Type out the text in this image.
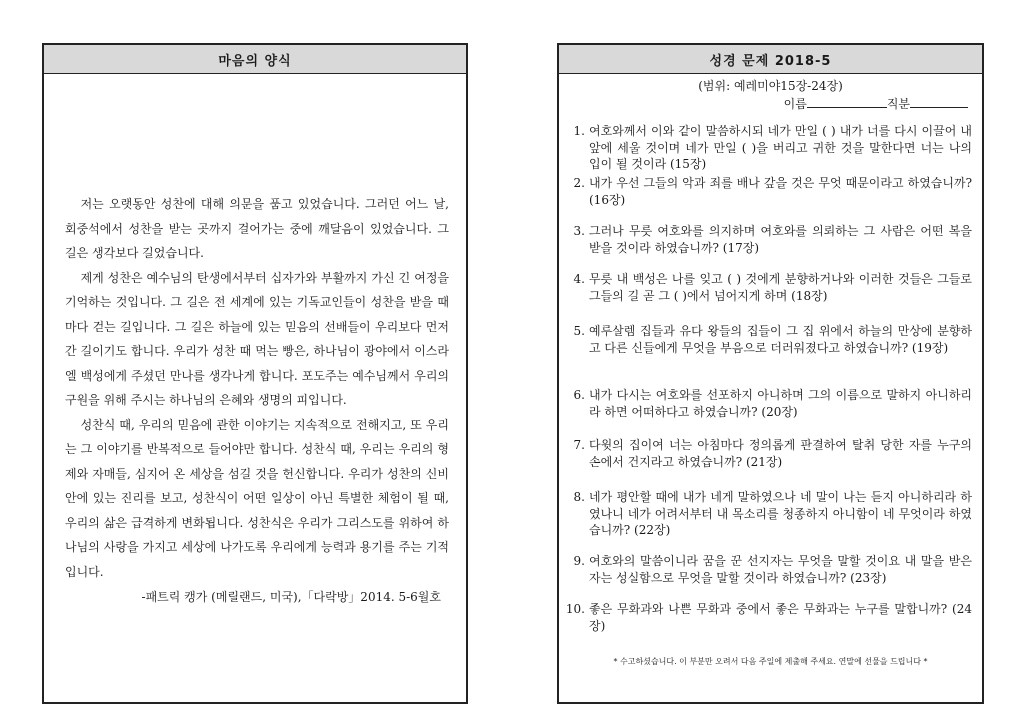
마음의 양식

저는 오랫동안 성찬에 대해 의문을 품고 있었습니다. 그러던 어느 날, 회중석에서 성찬을 받는 곳까지 걸어가는 중에 깨달음이 있었습니다. 그 길은 생각보다 길었습니다.

제게 성찬은 예수님의 탄생에서부터 십자가와 부활까지 가신 긴 여정을 기억하는 것입니다. 그 길은 전 세계에 있는 기독교인들이 성찬을 받을 때마다 걷는 길입니다. 그 길은 하늘에 있는 믿음의 선배들이 우리보다 먼저 간 길이기도 합니다. 우리가 성찬 때 먹는 빵은, 하나님이 광야에서 이스라엘 백성에게 주셨던 만나를 생각나게 합니다. 포도주는 예수님께서 우리의 구원을 위해 주시는 하나님의 은혜와 생명의 피입니다.

성찬식 때, 우리의 믿음에 관한 이야기는 지속적으로 전해지고, 또 우리는 그 이야기를 반복적으로 들어야만 합니다. 성찬식 때, 우리는 우리의 형제와 자매들, 심지어 온 세상을 섬길 것을 헌신합니다. 우리가 성찬의 신비 안에 있는 진리를 보고, 성찬식이 어떤 일상이 아닌 특별한 체험이 될 때, 우리의 삶은 급격하게 변화됩니다. 성찬식은 우리가 그리스도를 위하여 하나님의 사랑을 가지고 세상에 나가도록 우리에게 능력과 용기를 주는 기적입니다.

-패트릭 캥가 (메릴랜드, 미국),「다락방」2014. 5-6월호

성경 문제 2018-5
(범위: 예레미야15장-24장)
이름	직분
1. 여호와께서 이와 같이 말씀하시되 네가 만일 ( ) 내가 너를 다시 이끌어 내 앞에 세울 것이며 네가 만일 ( )을 버리고 귀한 것을 말한다면 너는 나의 입이 될 것이라 (15장)
2. 내가 우선 그들의 악과 죄를 배나 갚을 것은 무엇 때문이라고 하였습니까? (16장)
3. 그러나 무릇 여호와를 의지하며 여호와를 의뢰하는 그 사람은 어떤 복을 받을 것이라 하였습니까? (17장)
4. 무릇 내 백성은 나를 잊고 ( ) 것에게 분향하거나와 이러한 것들은 그들로 그들의 길 곧 그 ( )에서 넘어지게 하며 (18장)
5. 예루살렘 집들과 유다 왕들의 집들이 그 집 위에서 하늘의 만상에 분향하고 다른 신들에게 무엇을 부음으로 더러워졌다고 하였습니까? (19장)
6. 내가 다시는 여호와를 선포하지 아니하며 그의 이름으로 말하지 아니하리라 하면 어떠하다고 하였습니까? (20장)
7. 다윗의 집이여 너는 아침마다 정의롭게 판결하여 탈취 당한 자를 누구의 손에서 건지라고 하였습니까? (21장)
8. 네가 평안할 때에 내가 네게 말하였으나 네 말이 나는 듣지 아니하리라 하였나니 네가 어려서부터 내 목소리를 청종하지 아니함이 네 무엇이라 하였습니까? (22장)
9. 여호와의 말씀이니라 꿈을 꾼 선지자는 무엇을 말할 것이요 내 말을 받은 자는 성실함으로 무엇을 말할 것이라 하였습니까? (23장)
10. 좋은 무화과와 나쁜 무화과 중에서 좋은 무화과는 누구를 말합니까? (24장)
* 수고하셨습니다. 이 부분만 오려서 다음 주일에 제출해 주세요. 연말에 선물을 드립니다 *
